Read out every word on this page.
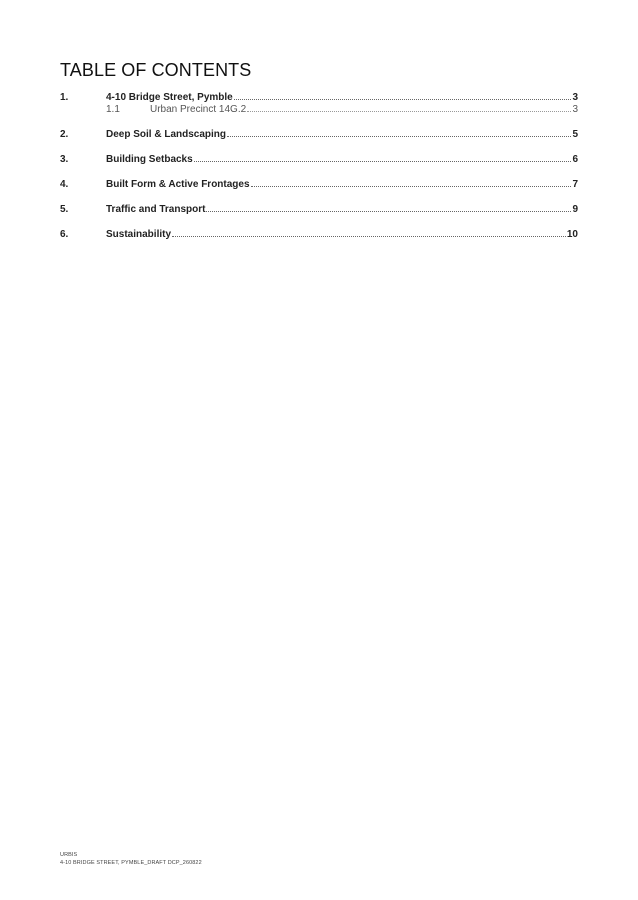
TABLE OF CONTENTS
1.	4-10 Bridge Street, Pymble	3
1.1	Urban Precinct 14G.2	3
2.	Deep Soil & Landscaping	5
3.	Building Setbacks	6
4.	Built Form & Active Frontages	7
5.	Traffic and Transport	9
6.	Sustainability	10
URBIS
4-10 BRIDGE STREET, PYMBLE_DRAFT DCP_260822
